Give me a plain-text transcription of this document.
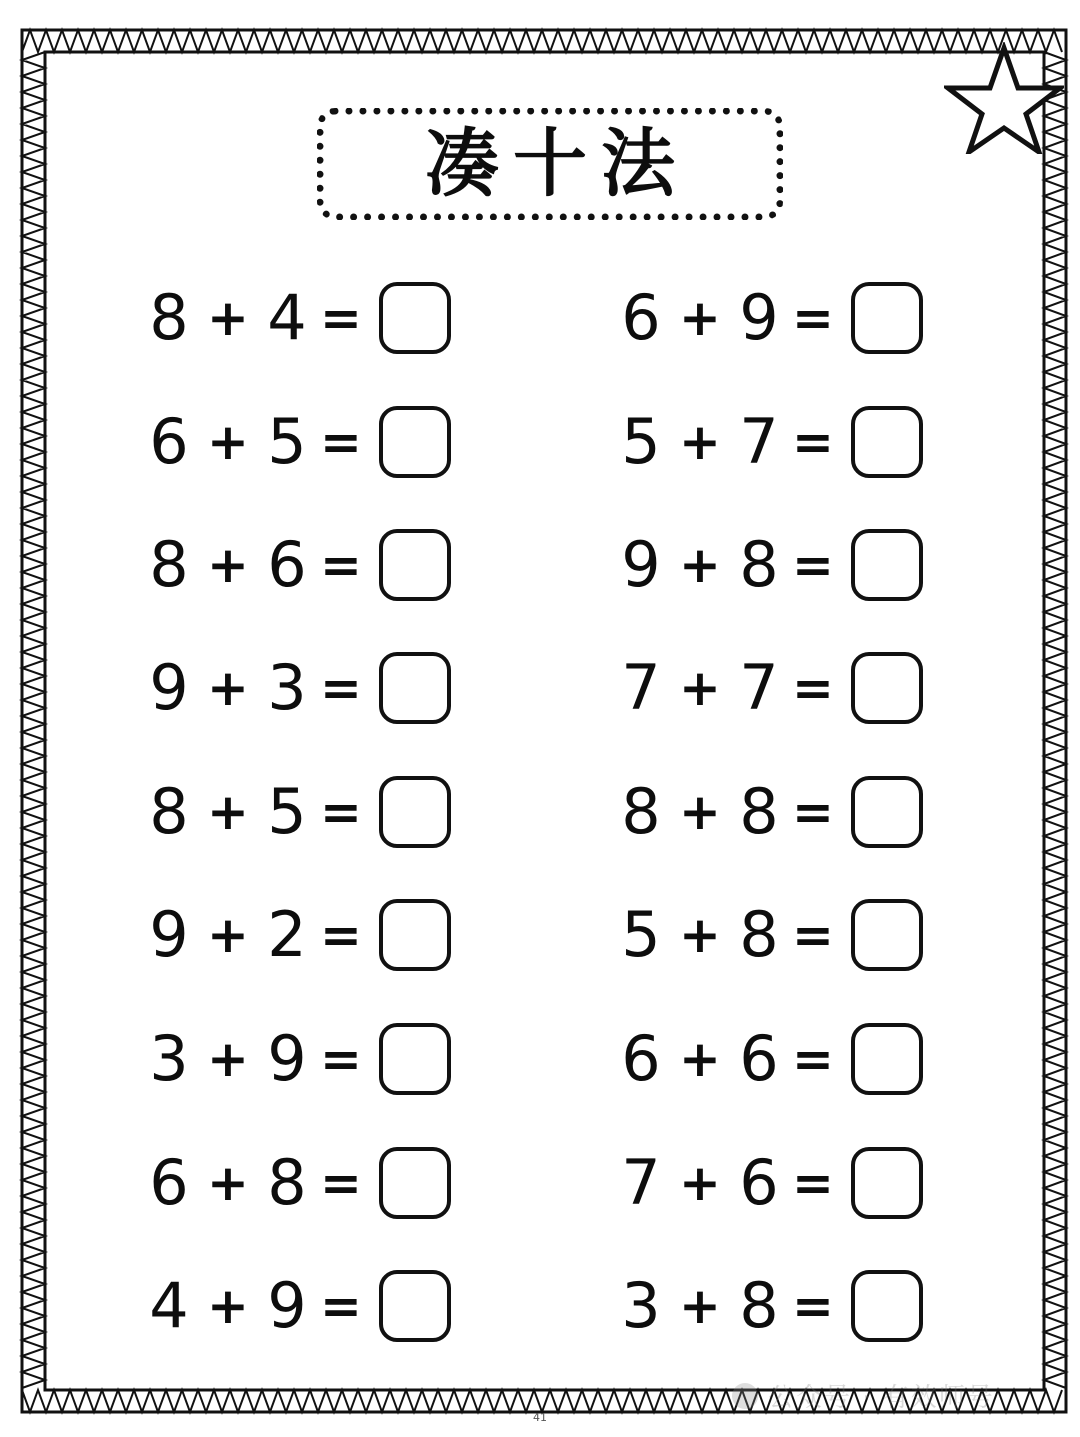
凑十法
8 + 4 =
6 + 5 =
8 + 6 =
9 + 3 =
8 + 5 =
9 + 2 =
3 + 9 =
6 + 8 =
4 + 9 =
6 + 9 =
5 + 7 =
9 + 8 =
7 + 7 =
8 + 8 =
5 + 8 =
6 + 6 =
7 + 6 =
3 + 8 =
公众号 · 有效师号
41
